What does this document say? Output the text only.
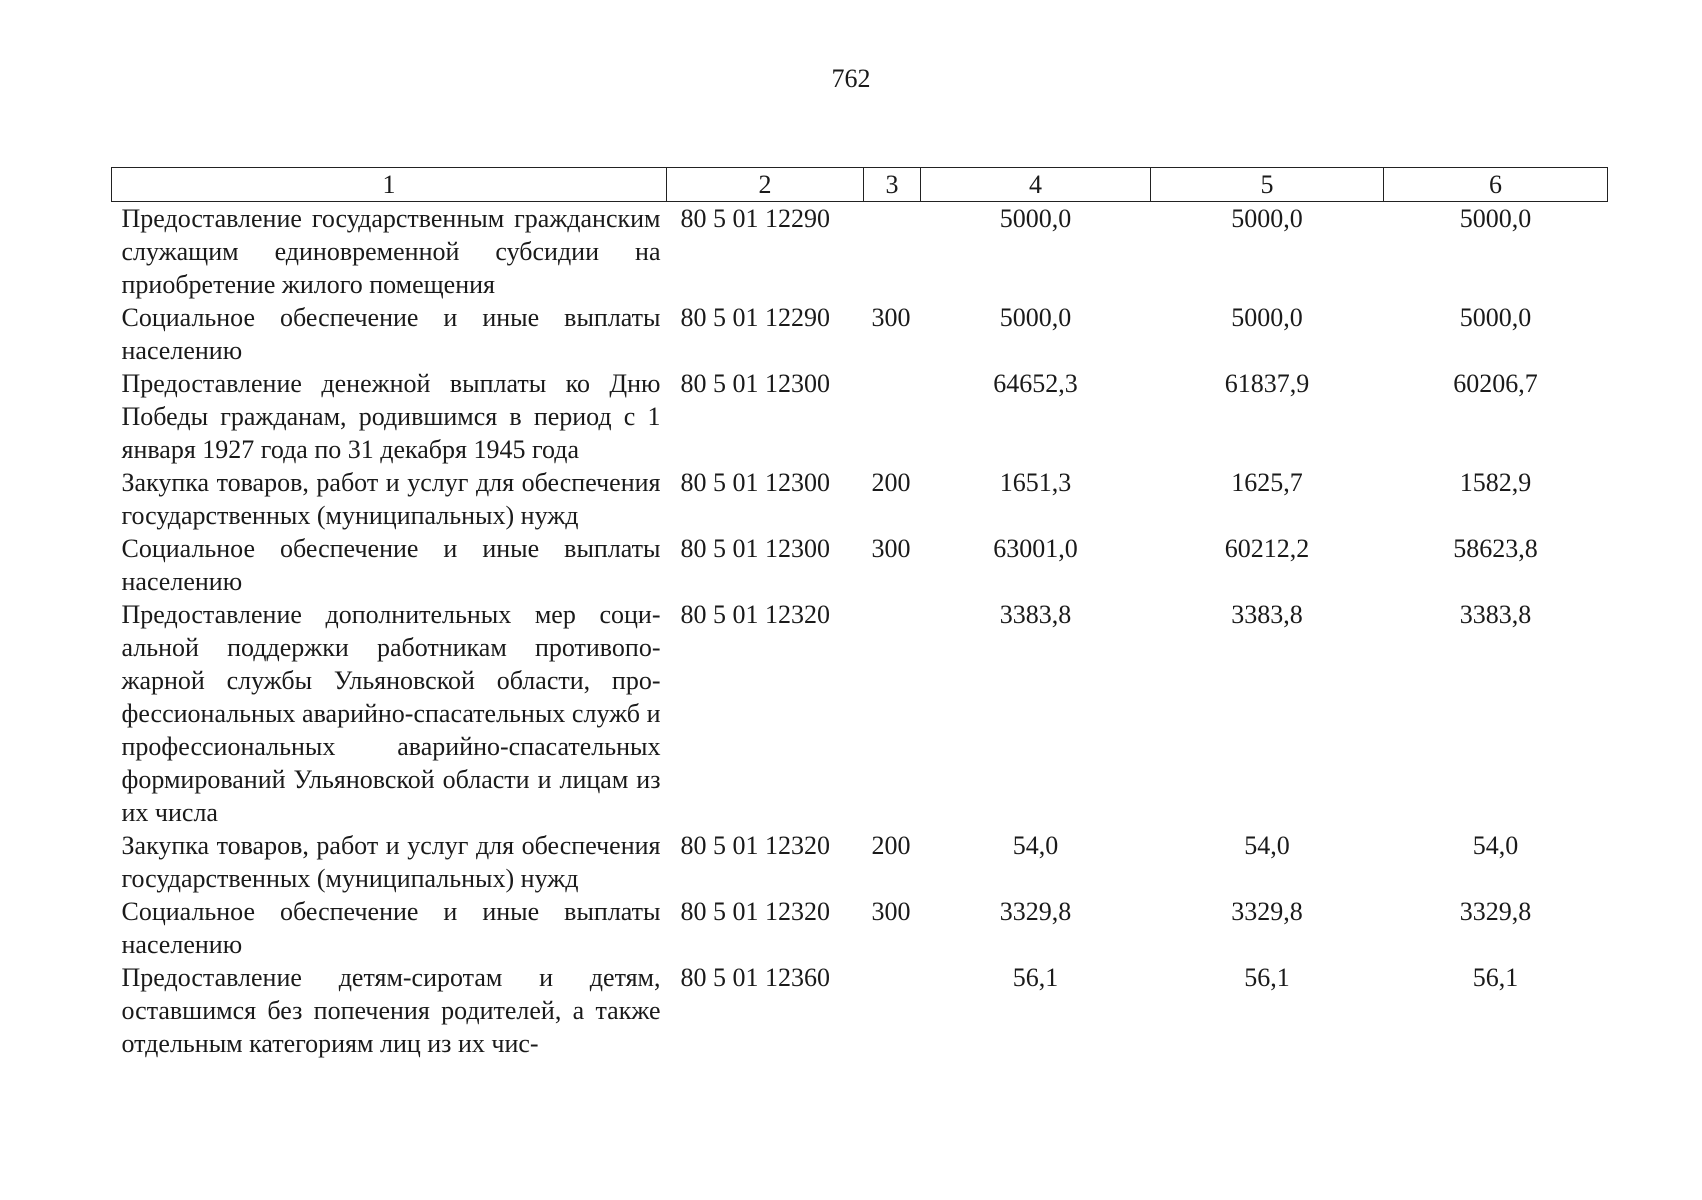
762
1	2	3	4	5	6
Предоставление государственным гражданским служащим единовременной субсидии на приобретение жилого помещения	80 5 01 12290		5000,0	5000,0	5000,0
Социальное обеспечение и иные выплаты населению	80 5 01 12290	300	5000,0	5000,0	5000,0
Предоставление денежной выплаты ко Дню Победы гражданам, родившимся в период с 1 января 1927 года по 31 декабря 1945 года	80 5 01 12300		64652,3	61837,9	60206,7
Закупка товаров, работ и услуг для обеспечения государственных (муниципальных) нужд	80 5 01 12300	200	1651,3	1625,7	1582,9
Социальное обеспечение и иные выплаты населению	80 5 01 12300	300	63001,0	60212,2	58623,8
Предоставление дополнительных мер социальной поддержки работникам противопожарной службы Ульяновской области, профессиональных аварийно-спасательных служб и профессиональных аварийно-спасательных формирований Ульяновской области и лицам из их числа	80 5 01 12320		3383,8	3383,8	3383,8
Закупка товаров, работ и услуг для обеспечения государственных (муниципальных) нужд	80 5 01 12320	200	54,0	54,0	54,0
Социальное обеспечение и иные выплаты населению	80 5 01 12320	300	3329,8	3329,8	3329,8
Предоставление детям-сиротам и детям, оставшимся без попечения родителей, а также отдельным категориям лиц из их чис-	80 5 01 12360		56,1	56,1	56,1
